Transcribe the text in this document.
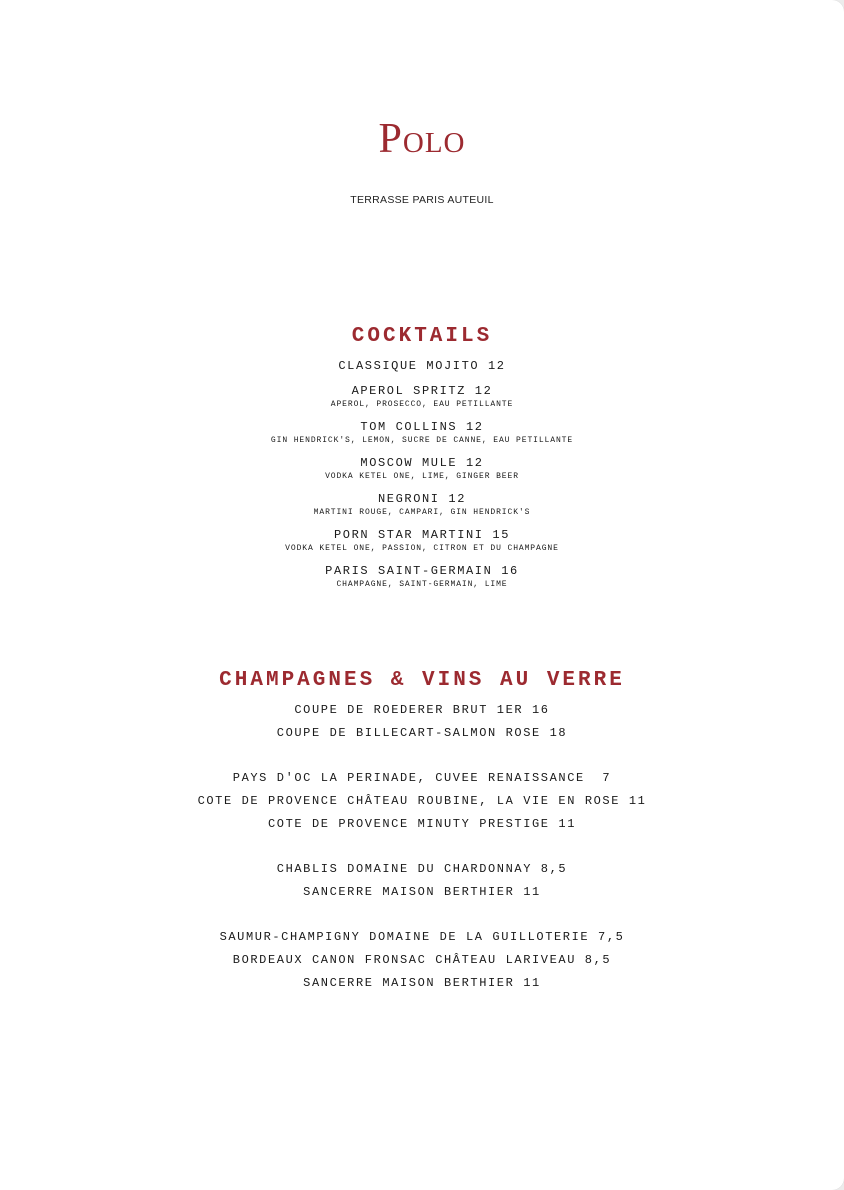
Polo
TERRASSE PARIS AUTEUIL
COCKTAILS
CLASSIQUE MOJITO 12
APEROL SPRITZ 12
APEROL, PROSECCO, EAU PETILLANTE
TOM COLLINS 12
GIN HENDRICK'S, LEMON, SUCRE DE CANNE, EAU PETILLANTE
MOSCOW MULE 12
VODKA KETEL ONE, LIME, GINGER BEER
NEGRONI 12
MARTINI ROUGE, CAMPARI, GIN HENDRICK'S
PORN STAR MARTINI 15
VODKA KETEL ONE, PASSION, CITRON ET DU CHAMPAGNE
PARIS SAINT-GERMAIN 16
CHAMPAGNE, SAINT-GERMAIN, LIME
CHAMPAGNES & VINS AU VERRE
COUPE DE ROEDERER BRUT 1ER 16
COUPE DE BILLECART-SALMON ROSE 18
PAYS D'OC LA PERINADE, CUVEE RENAISSANCE  7
COTE DE PROVENCE CHÂTEAU ROUBINE, LA VIE EN ROSE 11
COTE DE PROVENCE MINUTY PRESTIGE 11
CHABLIS DOMAINE DU CHARDONNAY 8,5
SANCERRE MAISON BERTHIER 11
SAUMUR-CHAMPIGNY DOMAINE DE LA GUILLOTERIE 7,5
BORDEAUX CANON FRONSAC CHÂTEAU LARIVEAU 8,5
SANCERRE MAISON BERTHIER 11
